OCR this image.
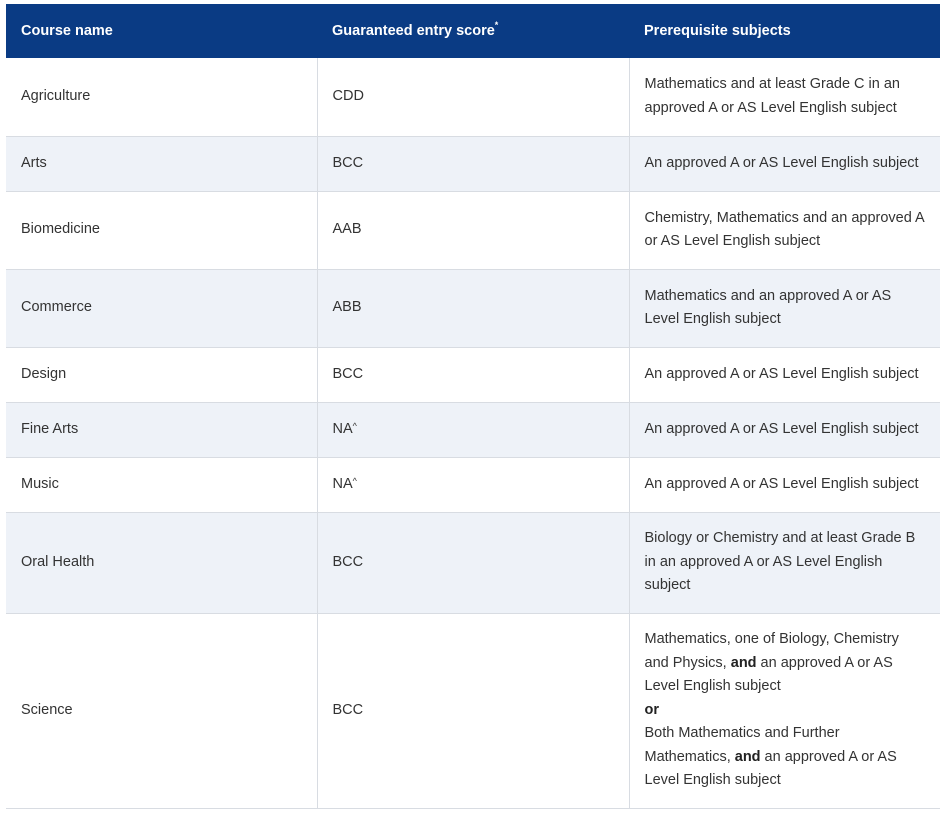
Course name	Guaranteed entry score*	Prerequisite subjects
Agriculture	CDD	Mathematics and at least Grade C in an approved A or AS Level English subject
Arts	BCC	An approved A or AS Level English subject
Biomedicine	AAB	Chemistry, Mathematics and an approved A or AS Level English subject
Commerce	ABB	Mathematics and an approved A or AS Level English subject
Design	BCC	An approved A or AS Level English subject
Fine Arts	NA^	An approved A or AS Level English subject
Music	NA^	An approved A or AS Level English subject
Oral Health	BCC	Biology or Chemistry and at least Grade B in an approved A or AS Level English subject
Science	BCC	Mathematics, one of Biology, Chemistry and Physics, and an approved A or AS Level English subject
or
Both Mathematics and Further Mathematics, and an approved A or AS Level English subject
